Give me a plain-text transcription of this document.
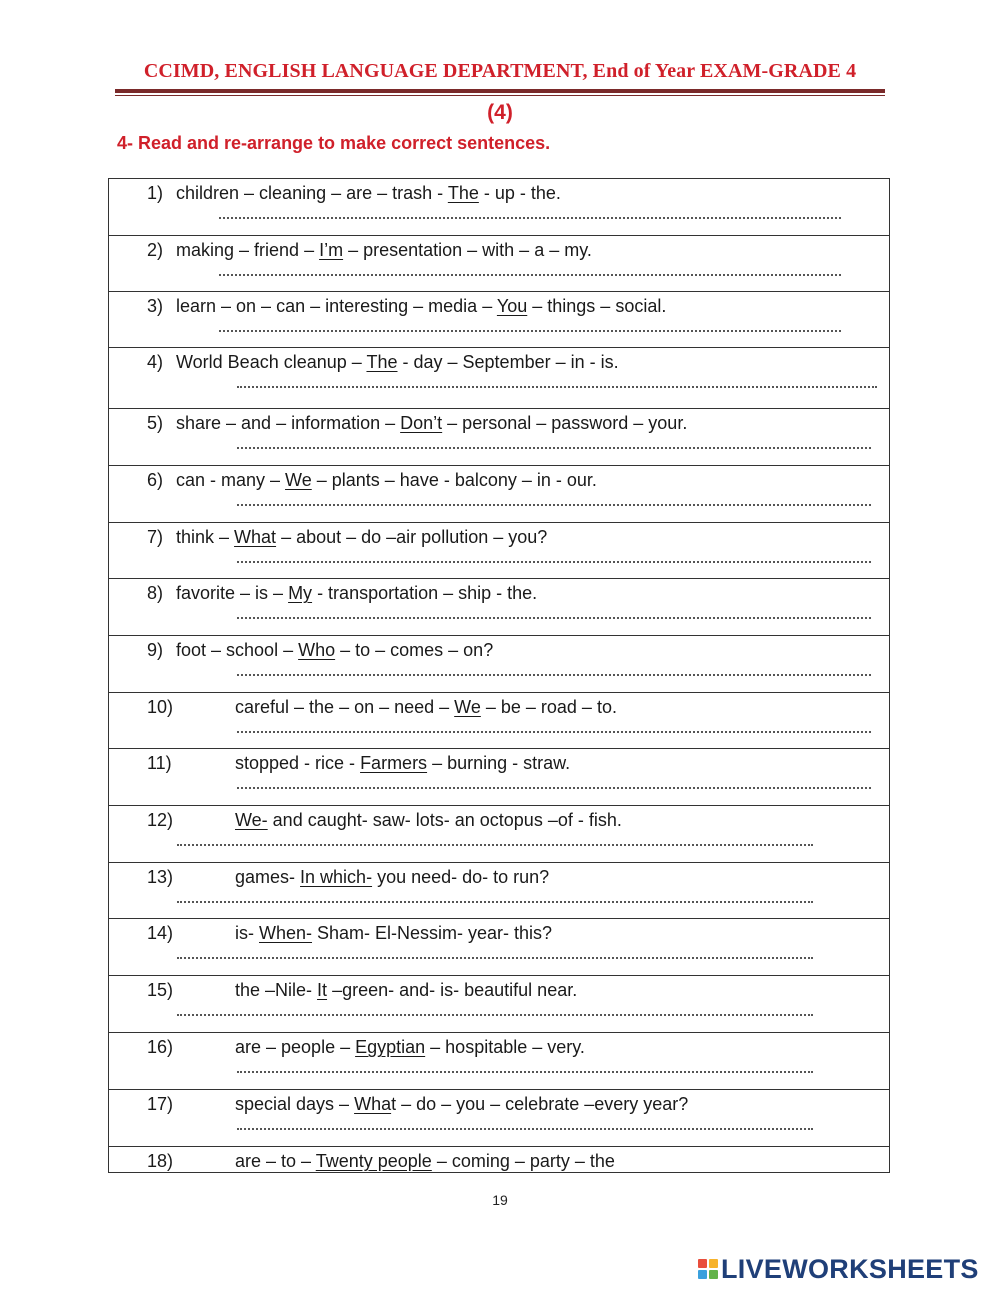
CCIMD, ENGLISH LANGUAGE DEPARTMENT, End of Year EXAM-GRADE 4
(4)
4- Read and re-arrange to make correct sentences.
1) children – cleaning – are – trash - The - up - the.
2) making – friend – I’m – presentation – with – a – my.
3) learn – on – can – interesting – media – You – things – social.
4) World Beach cleanup – The - day – September – in - is.
5) share – and – information – Don’t – personal – password – your.
6) can - many – We – plants – have - balcony – in - our.
7) think – What – about – do –air pollution – you?
8) favorite – is – My - transportation – ship - the.
9) foot – school – Who – to – comes – on?
10)	careful – the – on – need – We – be – road – to.
11)	stopped - rice - Farmers – burning - straw.
12)	We- and caught- saw- lots- an octopus –of - fish.
13)	games- In which- you need- do- to run?
14)	is- When- Sham- El-Nessim- year- this?
15)	the –Nile- It –green- and- is- beautiful near.
16)	are – people – Egyptian – hospitable – very.
17)	special days – What – do – you – celebrate –every year?
18)	are – to – Twenty people – coming – party – the
19
LIVEWORKSHEETS
